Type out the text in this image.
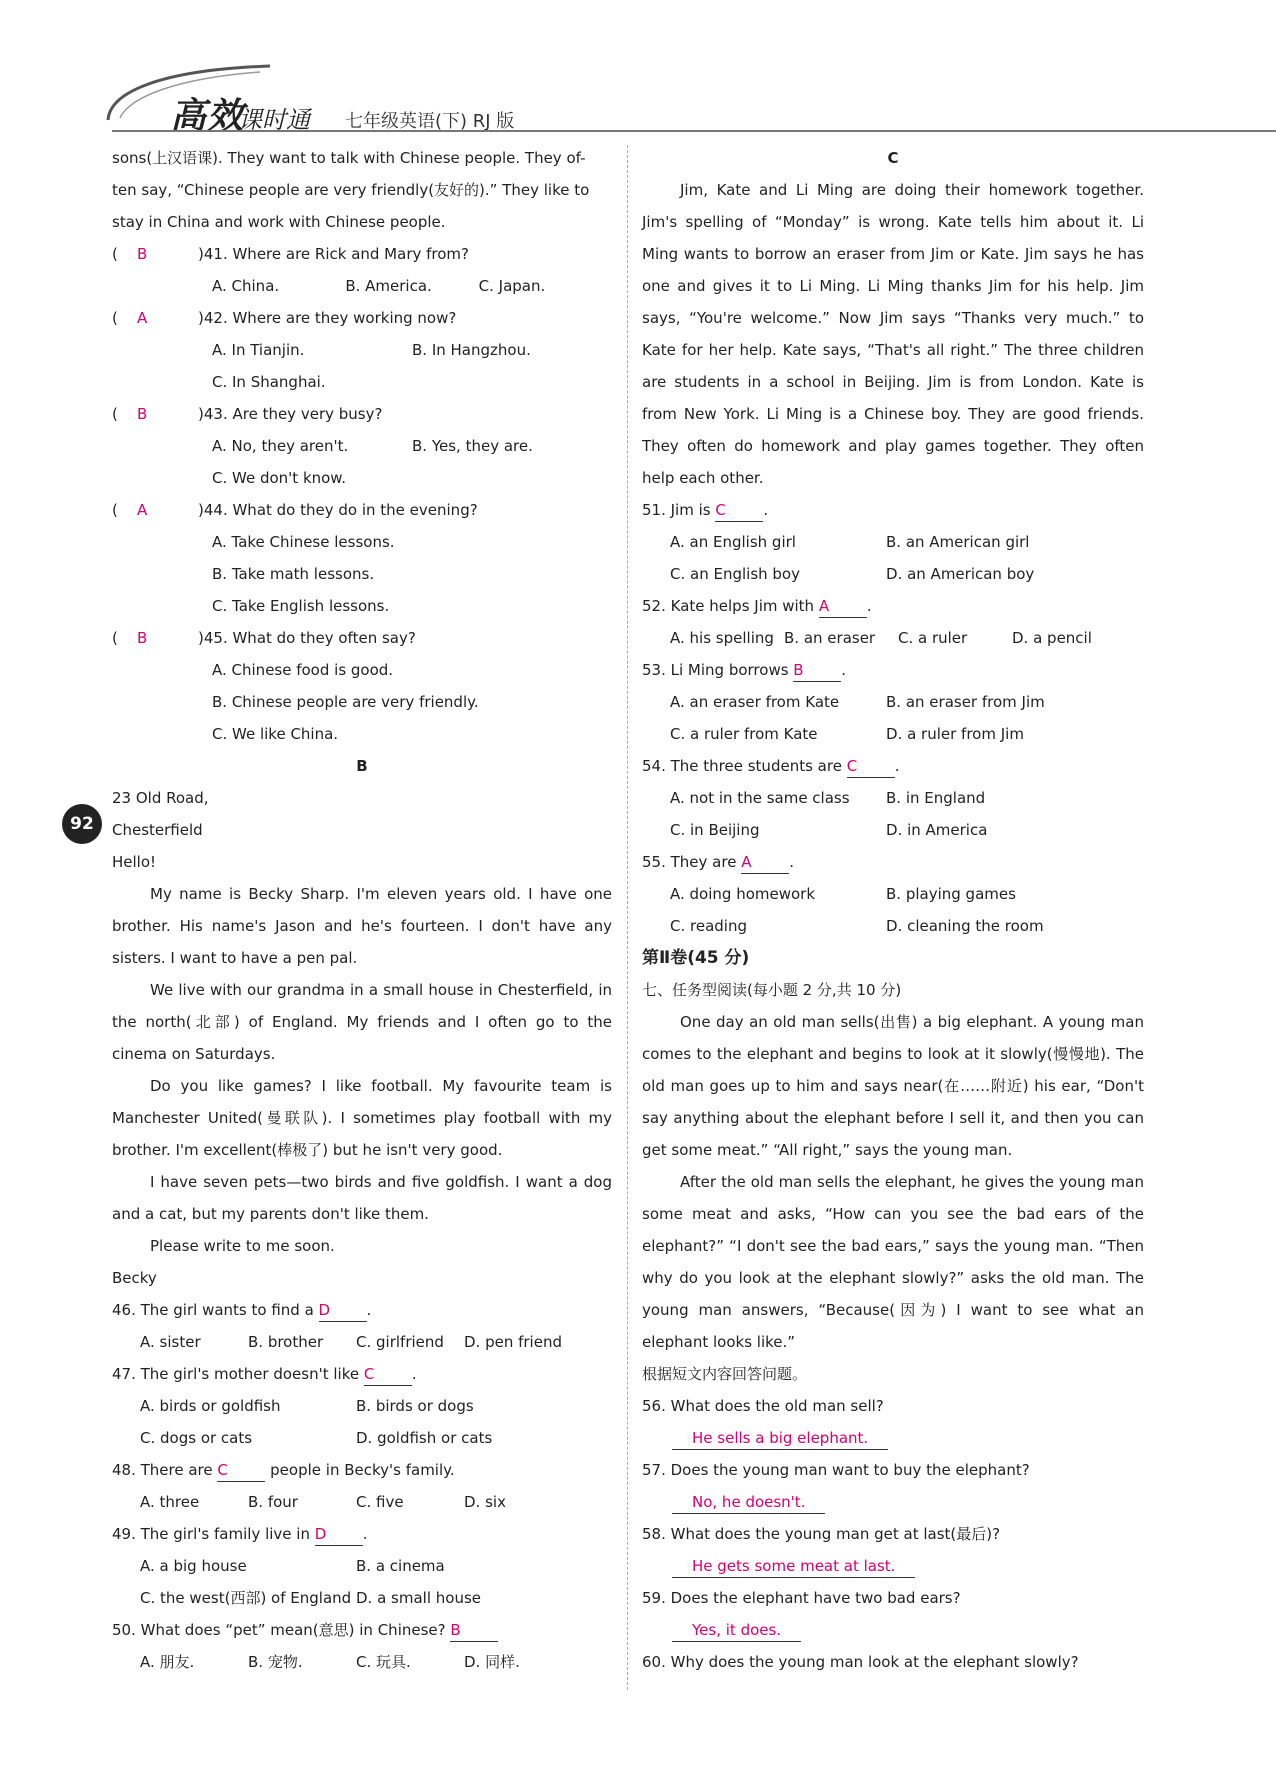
高效
课时通 七年级英语(下) RJ 版
92

sons(上汉语课). They want to talk with Chinese people. They of-

ten say, “Chinese people are very friendly(友好的).” They like to

stay in China and work with Chinese people.

(    B	)41. Where are Rick and Mary from?
A. China.	B. America.	C. Japan.
(    A	)42. Where are they working now?
A. In Tianjin.	B. In Hangzhou.
C. In Shanghai.
(    B	)43. Are they very busy?
A. No, they aren't.	B. Yes, they are.
C. We don't know.
(    A	)44. What do they do in the evening?
A. Take Chinese lessons.
B. Take math lessons.
C. Take English lessons.
(    B	)45. What do they often say?
A. Chinese food is good.
B. Chinese people are very friendly.
C. We like China.

B

23 Old Road,

Chesterfield

Hello!

My name is Becky Sharp. I'm eleven years old. I have one brother. His name's Jason and he's fourteen. I don't have any sisters. I want to have a pen pal.

We live with our grandma in a small house in Chesterfield, in the north(北部) of England. My friends and I often go to the cinema on Saturdays.

Do you like games? I like football. My favourite team is Manchester United(曼联队). I sometimes play football with my brother. I'm excellent(棒极了) but he isn't very good.

I have seven pets—two birds and five goldfish. I want a dog and a cat, but my parents don't like them.

Please write to me soon.

Becky

46. The girl wants to find a D .
A. sister	B. brother	C. girlfriend	D. pen friend
47. The girl's mother doesn't like C	.
A. birds or goldfish	B. birds or dogs
C. dogs or cats	D. goldfish or cats
48. There are C	people in Becky's family.
A. three	B. four	C. five	D. six
49. The girl's family live in D .
A. a big house	B. a cinema
C. the west(西部) of England D. a small house
50. What does “pet” mean(意思) in Chinese? B
A. 朋友.	B. 宠物.	C. 玩具.	D. 同样.

C

Jim, Kate and Li Ming are doing their homework together. Jim's spelling of “Monday” is wrong. Kate tells him about it. Li Ming wants to borrow an eraser from Jim or Kate. Jim says he has one and gives it to Li Ming. Li Ming thanks Jim for his help. Jim says, “You're welcome.” Now Jim says “Thanks very much.” to Kate for her help. Kate says, “That's all right.” The three children are students in a school in Beijing. Jim is from London. Kate is from New York. Li Ming is a Chinese boy. They are good friends. They often do homework and play games together. They often help each other.

51. Jim is C	.
A. an English girl	B. an American girl
C. an English boy	D. an American boy
52. Kate helps Jim with A	.
A. his spelling B. an eraser	C. a ruler	D. a pencil
53. Li Ming borrows B	.
A. an eraser from Kate	B. an eraser from Jim
C. a ruler from Kate	D. a ruler from Jim
54. The three students are C	.
A. not in the same class	B. in England
C. in Beijing	D. in America
55. They are A	.
A. doing homework	B. playing games
C. reading	D. cleaning the room

第Ⅱ卷(45 分)

七、任务型阅读(每小题 2 分,共 10 分)

One day an old man sells(出售) a big elephant. A young man comes to the elephant and begins to look at it slowly(慢慢地). The old man goes up to him and says near(在……附近) his ear, “Don't say anything about the elephant before I sell it, and then you can get some meat.” “All right,” says the young man.

After the old man sells the elephant, he gives the young man some meat and asks, “How can you see the bad ears of the elephant?” “I don't see the bad ears,” says the young man. “Then why do you look at the elephant slowly?” asks the old man. The young man answers, “Because(因为) I want to see what an elephant looks like.”

根据短文内容回答问题。

56. What does the old man sell?

He sells a big elephant.

57. Does the young man want to buy the elephant?

No, he doesn't.

58. What does the young man get at last(最后)?

He gets some meat at last.

59. Does the elephant have two bad ears?

Yes, it does.

60. Why does the young man look at the elephant slowly?
